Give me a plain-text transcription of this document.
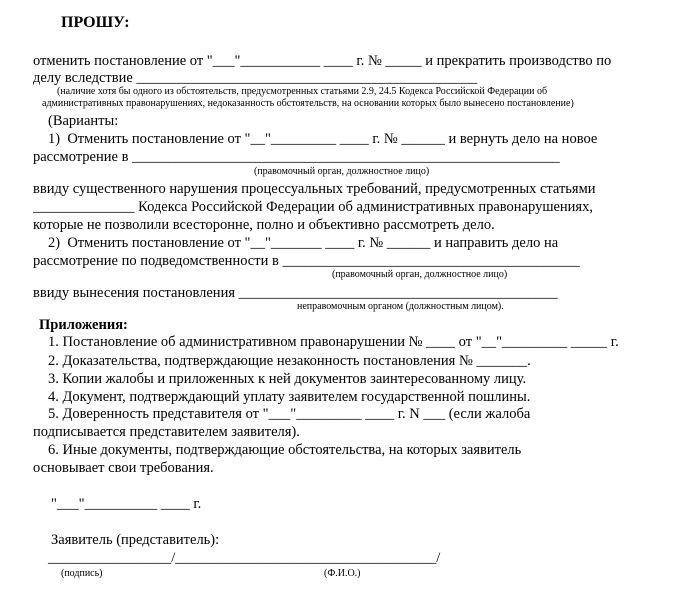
ПРОШУ:

отменить постановление от "___"___________ ____ г. № _____ и прекратить производство по

делу вследствие _______________________________________________

(наличие хотя бы одного из обстоятельств, предусмотренных статьями 2.9, 24.5 Кодекса Российской Федерации об

административных правонарушениях, недоказанность обстоятельств, на основании которых было вынесено постановление)

(Варианты:

1)  Отменить постановление от "__"_________ ____ г. № ______ и вернуть дело на новое

рассмотрение в ___________________________________________________________

(правомочный орган, должностное лицо)

ввиду существенного нарушения процессуальных требований, предусмотренных статьями

______________ Кодекса Российской Федерации об административных правонарушениях,

которые не позволили всесторонне, полно и объективно рассмотреть дело.

2)  Отменить постановление от "__"_______ ____ г. № ______ и направить дело на

рассмотрение по подведомственности в _________________________________________

(правомочный орган, должностное лицо)

ввиду вынесения постановления ____________________________________________

неправомочным органом (должностным лицом).

Приложения:

1. Постановление об административном правонарушении № ____ от "__"_________ _____ г.

2. Доказательства, подтверждающие незаконность постановления № _______.

3. Копии жалобы и приложенных к ней документов заинтересованному лицу.

4. Документ, подтверждающий уплату заявителем государственной пошлины.

5. Доверенность представителя от "___"_________ ____ г. N ___ (если жалоба

подписывается представителем заявителя).

6. Иные документы, подтверждающие обстоятельства, на которых заявитель

основывает свои требования.

"___"__________ ____ г.

Заявитель (представитель):

_________________/____________________________________/

(подпись)	(Ф.И.О.)
